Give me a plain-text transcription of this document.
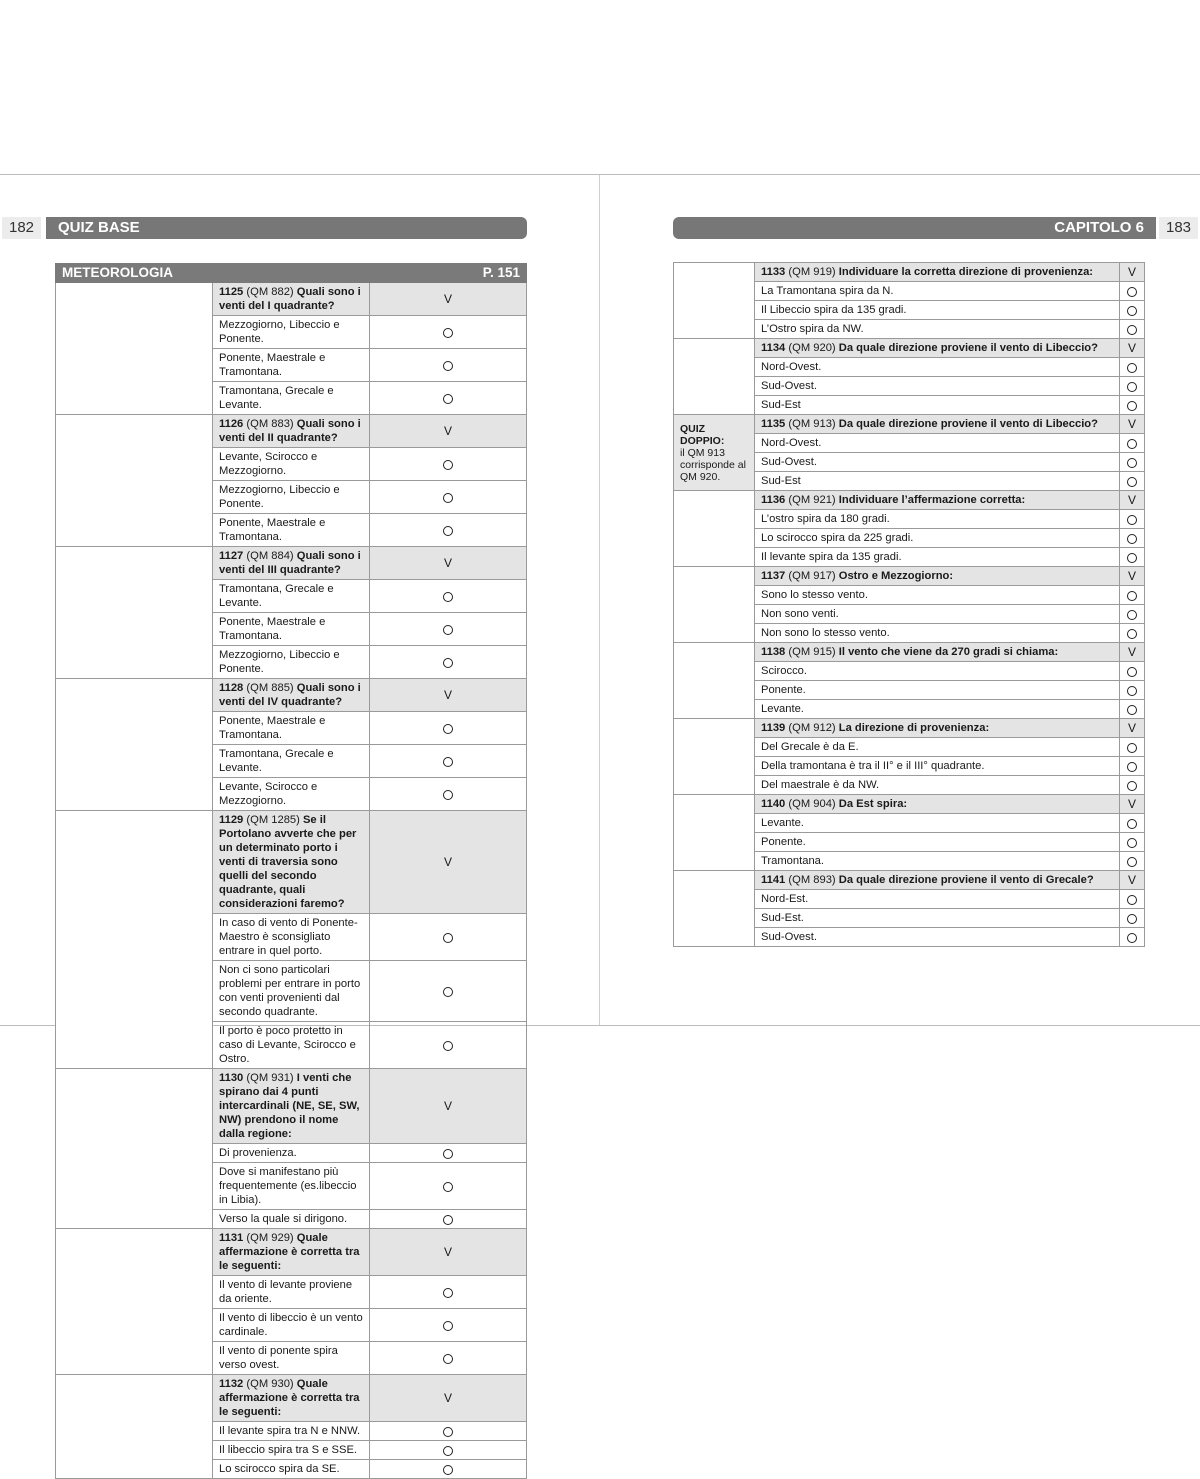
182	QUIZ BASE
P. 151
METEOROLOGIA		
	1125 (QM 882) Quali sono i venti del I quadrante?	V
	Mezzogiorno, Libeccio e Ponente.	
	Ponente, Maestrale e Tramontana.	
	Tramontana, Grecale e Levante.	
	1126 (QM 883) Quali sono i venti del II quadrante?	V
	Levante, Scirocco e Mezzogiorno.	
	Mezzogiorno, Libeccio e Ponente.	
	Ponente, Maestrale e Tramontana.	
	1127 (QM 884) Quali sono i venti del III quadrante?	V
	Tramontana, Grecale e Levante.	
	Ponente, Maestrale e Tramontana.	
	Mezzogiorno, Libeccio e Ponente.	
	1128 (QM 885) Quali sono i venti del IV quadrante?	V
	Ponente, Maestrale e Tramontana.	
	Tramontana, Grecale e Levante.	
	Levante, Scirocco e Mezzogiorno.	
	1129 (QM 1285) Se il Portolano avverte che per un determinato porto i venti di traversia sono quelli del secondo quadrante, quali considerazioni faremo?	V
	In caso di vento di Ponente-Maestro è sconsigliato entrare in quel porto.	
	Non ci sono particolari problemi per entrare in porto con venti provenienti dal secondo quadrante.	
	Il porto è poco protetto in caso di Levante, Scirocco e Ostro.	
	1130 (QM 931) I venti che spirano dai 4 punti intercardinali (NE, SE, SW, NW) prendono il nome dalla regione:	V
	Di provenienza.	
	Dove si manifestano più frequentemente (es.libeccio in Libia).	
	Verso la quale si dirigono.	
	1131 (QM 929) Quale affermazione è corretta tra le seguenti:	V
	Il vento di levante proviene da oriente.	
	Il vento di libeccio è un vento cardinale.	
	Il vento di ponente spira verso ovest.	
	1132 (QM 930) Quale affermazione è corretta tra le seguenti:	V
	Il levante spira tra N e NNW.	
	Il libeccio spira tra S e SSE.	
	Lo scirocco spira da SE.	
CAPITOLO 6	183
	1133 (QM 919) Individuare la corretta direzione di provenienza:	V
	La Tramontana spira da N.	
	Il Libeccio spira da 135 gradi.	
	L’Ostro spira da NW.	
	1134 (QM 920) Da quale direzione proviene il vento di Libeccio?	V
	Nord-Ovest.	
	Sud-Ovest.	
	Sud-Est	

QUIZ DOPPIO:
il QM 913 corrisponde al QM 920.	1135 (QM 913) Da quale direzione proviene il vento di Libeccio?	V
	Nord-Ovest.	
	Sud-Ovest.	
	Sud-Est	
	1136 (QM 921) Individuare l’affermazione corretta:	V
	L’ostro spira da 180 gradi.	
	Lo scirocco spira da 225 gradi.	
	Il levante spira da 135 gradi.	
	1137 (QM 917) Ostro e Mezzogiorno:	V
	Sono lo stesso vento.	
	Non sono venti.	
	Non sono lo stesso vento.	
	1138 (QM 915) Il vento che viene da 270 gradi si chiama:	V
	Scirocco.	
	Ponente.	
	Levante.	
	1139 (QM 912) La direzione di provenienza:	V
	Del Grecale è da E.	
	Della tramontana è tra il II° e il III° quadrante.	
	Del maestrale è da NW.	
	1140 (QM 904) Da Est spira:	V
	Levante.	
	Ponente.	
	Tramontana.	
	1141 (QM 893) Da quale direzione proviene il vento di Grecale?	V
	Nord-Est.	
	Sud-Est.	
	Sud-Ovest.	
